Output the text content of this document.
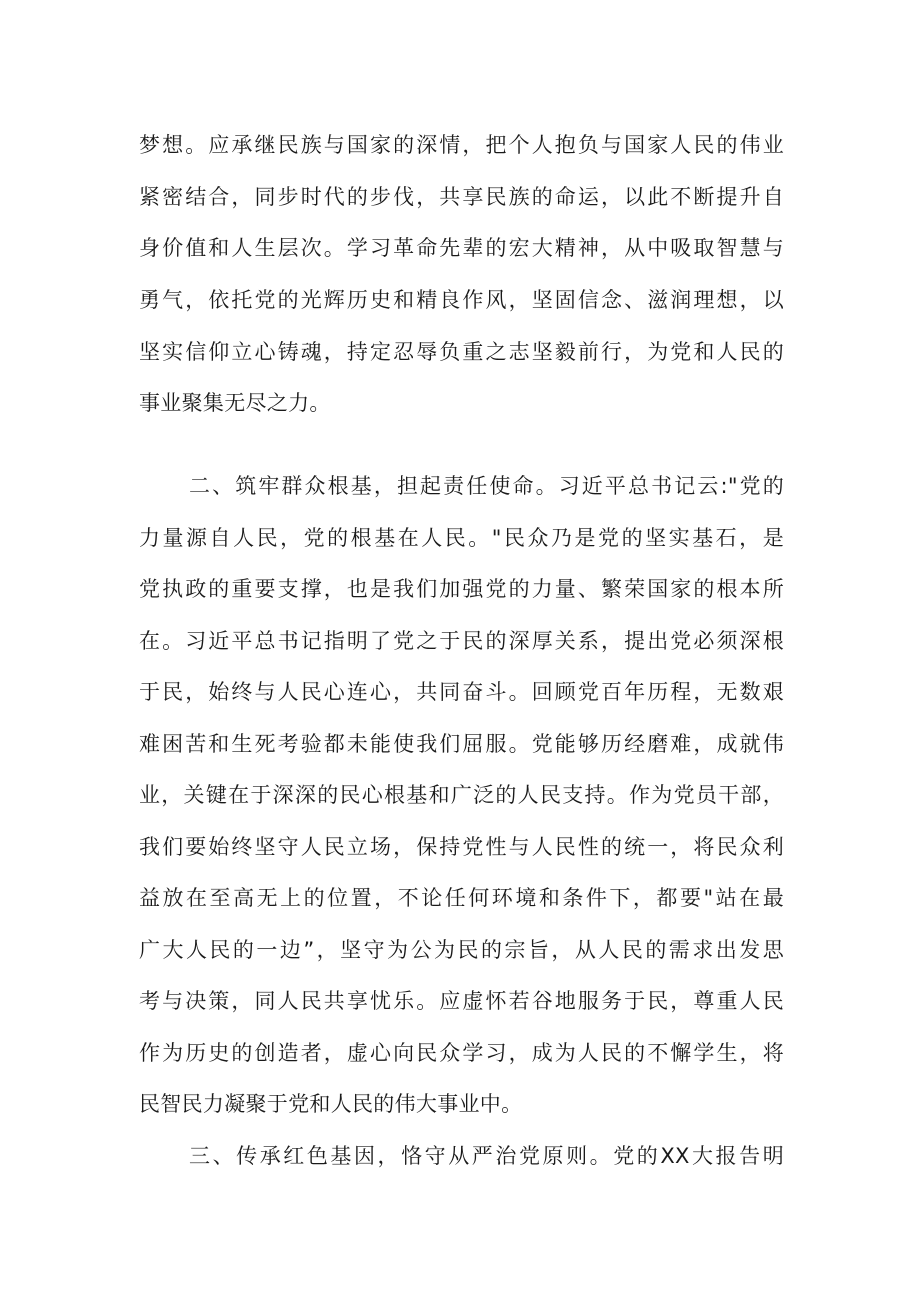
梦想。应承继民族与国家的深情，把个人抱负与国家人民的伟业
紧密结合，同步时代的步伐，共享民族的命运，以此不断提升自
身价值和人生层次。学习革命先辈的宏大精神，从中吸取智慧与
勇气，依托党的光辉历史和精良作风，坚固信念、滋润理想，以
坚实信仰立心铸魂，持定忍辱负重之志坚毅前行，为党和人民的
事业聚集无尽之力。
二、筑牢群众根基，担起责任使命。习近平总书记云:"党的
力量源自人民，党的根基在人民。"民众乃是党的坚实基石，是
党执政的重要支撑，也是我们加强党的力量、繁荣国家的根本所
在。习近平总书记指明了党之于民的深厚关系，提出党必须深根
于民，始终与人民心连心，共同奋斗。回顾党百年历程，无数艰
难困苦和生死考验都未能使我们屈服。党能够历经磨难，成就伟
业，关键在于深深的民心根基和广泛的人民支持。作为党员干部，
我们要始终坚守人民立场，保持党性与人民性的统一，将民众利
益放在至高无上的位置，不论任何环境和条件下，都要"站在最
广大人民的一边”，坚守为公为民的宗旨，从人民的需求出发思
考与决策，同人民共享忧乐。应虚怀若谷地服务于民，尊重人民
作为历史的创造者，虚心向民众学习，成为人民的不懈学生，将
民智民力凝聚于党和人民的伟大事业中。
三、传承红色基因，恪守从严治党原则。党的XX大报告明
